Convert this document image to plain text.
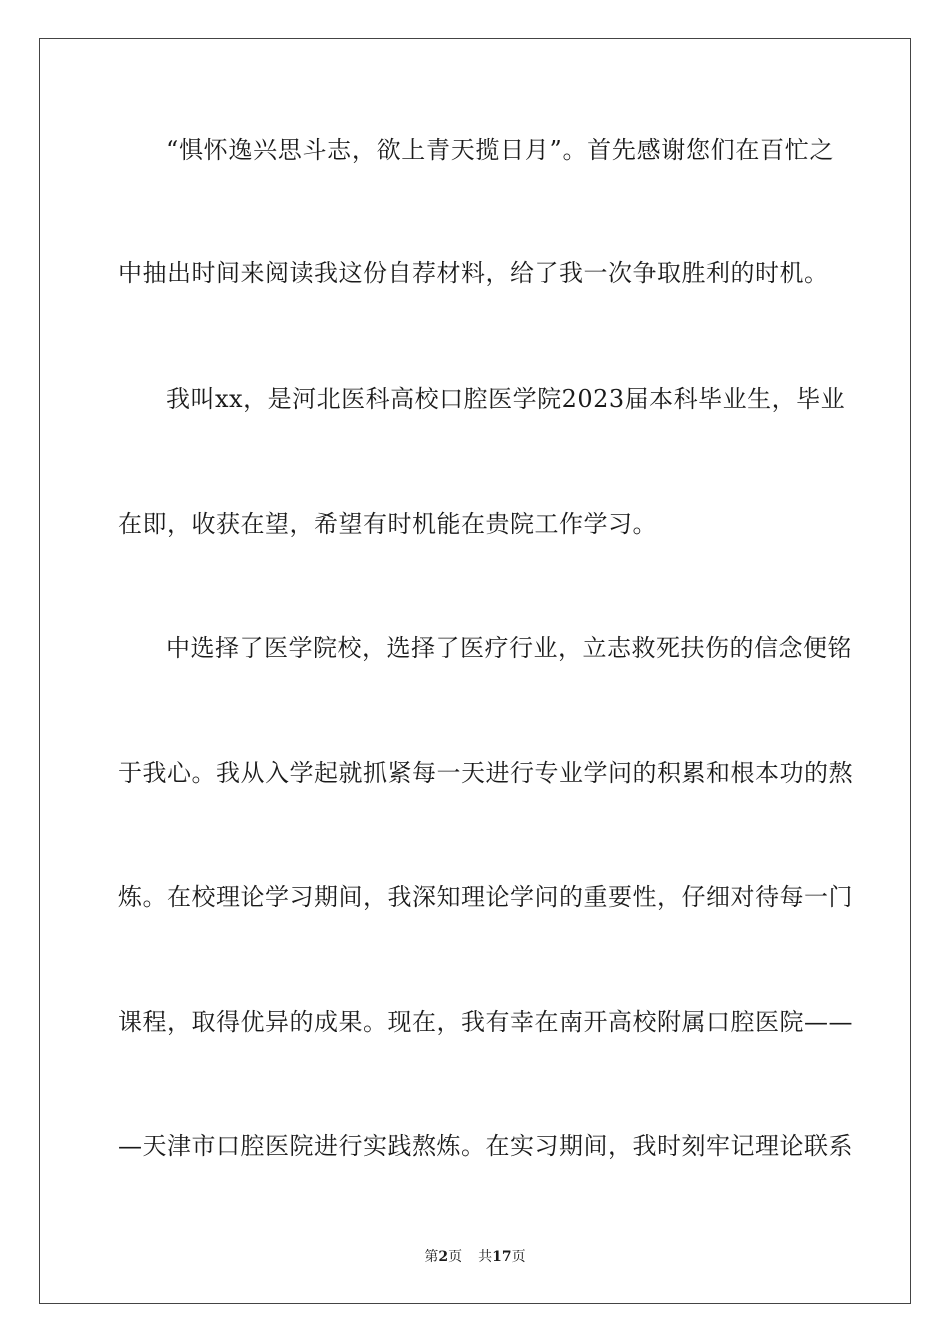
“惧怀逸兴思斗志，欲上青天揽日月”。首先感谢您们在百忙之
中抽出时间来阅读我这份自荐材料，给了我一次争取胜利的时机。
我叫xx，是河北医科高校口腔医学院2023届本科毕业生，毕业
在即，收获在望，希望有时机能在贵院工作学习。
中选择了医学院校，选择了医疗行业，立志救死扶伤的信念便铭
于我心。我从入学起就抓紧每一天进行专业学问的积累和根本功的熬
炼。在校理论学习期间，我深知理论学问的重要性，仔细对待每一门
课程，取得优异的成果。现在，我有幸在南开高校附属口腔医院——
—天津市口腔医院进行实践熬炼。在实习期间，我时刻牢记理论联系
第2页 共17页
